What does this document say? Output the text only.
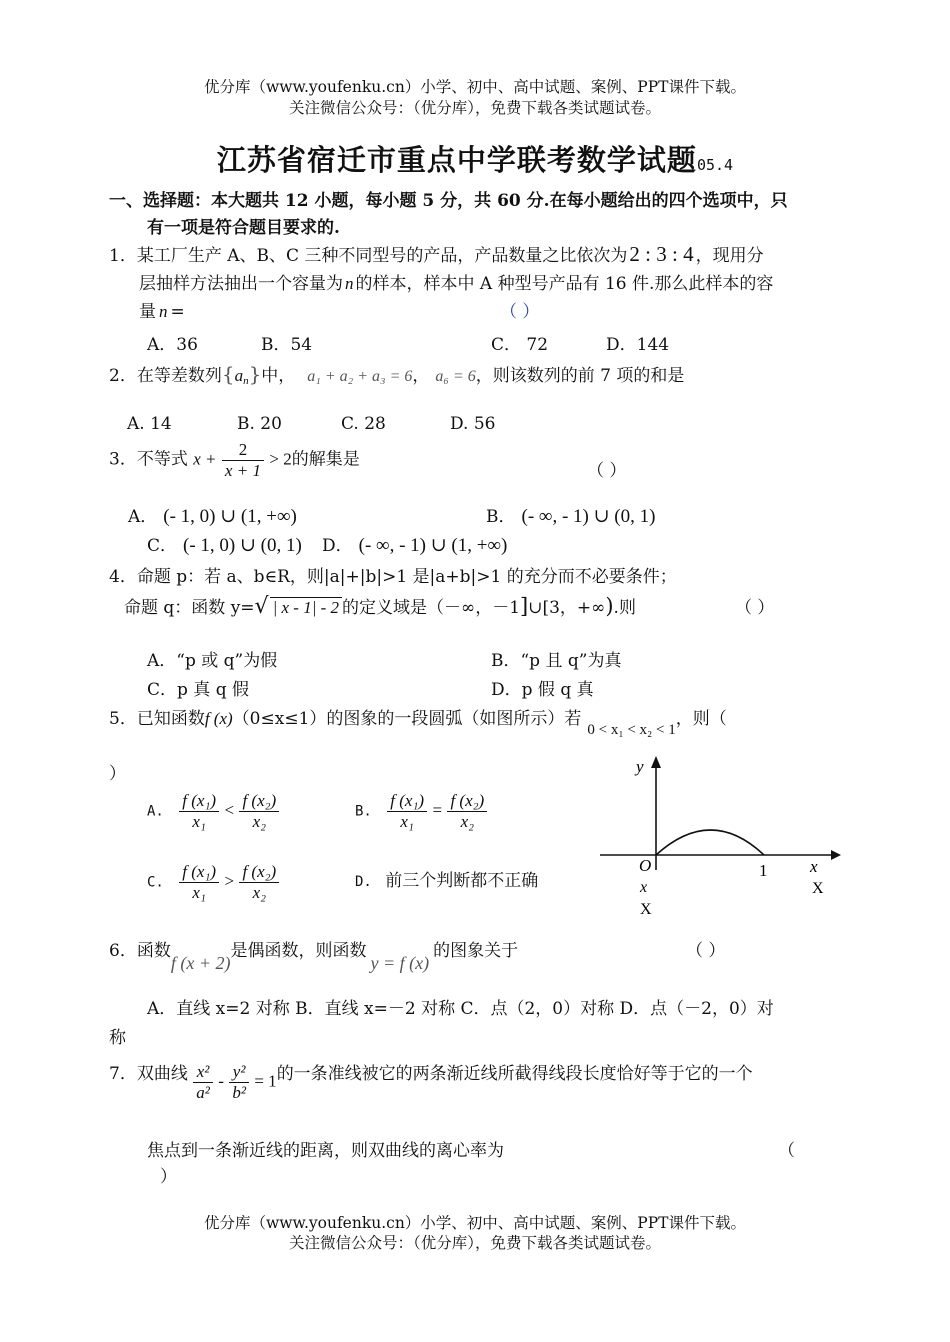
优分库（www.youfenku.cn）小学、初中、高中试题、案例、PPT课件下载。
关注微信公众号：（优分库），免费下载各类试题试卷。
江苏省宿迁市重点中学联考数学试题05.4
一、选择题：本大题共 12 小题，每小题 5 分，共 60 分.在每小题给出的四个选项中，只
有一项是符合题目要求的.
1．某工厂生产 A、B、C 三种不同型号的产品，产品数量之比依次为2 : 3 : 4 ，现用分
层抽样方法抽出一个容量为 n 的样本，样本中 A 种型号产品有 16 件.那么此样本的容
量 n =	（ ）
A．36	B．54	C． 72	D．144
2．在等差数列$\{a_n\}$中， a₁ + a₂ + a₃ = 6， a₆ = 6，则该数列的前 7 项的和是
A. 14	B. 20	C. 28	D. 56
3．不等式 $x + \frac{2}{x + 1} > 2$的解集是
（ ）
A． (- 1, 0) ∪ (1, +∞)	B． (- ∞, - 1) ∪ (0, 1)
C． (- 1, 0) ∪ (0, 1) D． (- ∞, - 1) ∪ (1, +∞)
4．命题 p：若 a、b∈R，则|a|+|b|>1 是|a+b|>1 的充分而不必要条件；
命题 q：函数 y=√ | x - 1| - 2 的定义域是（－∞，－1]∪[3，+∞).则	（ ）
A．“p 或 q”为假	B．“p 且 q”为真
C．p 真 q 假	D．p 假 q 真
5．已知函数f (x)（0≤x≤1）的图象的一段圆弧（如图所示）若0 < x₁ < x₂ < 1，则（
）
A. $\frac{\text{f (x₁)}}{\text{x₁}} < \frac{\text{f (x₂)}}{\text{x₂}}$	B. $\frac{\text{f (x₁)}}{\text{x₁}} = \frac{\text{f (x₂)}}{\text{x₂}}$
C. $\frac{\text{f (x₁)}}{\text{x₁}} > \frac{\text{f (x₂)}}{\text{x₂}}$	D. 前三个判断都不正确
y
x
O	1
x	X
X
6．函数f (x + 2)是偶函数，则函数y = f (x)的图象关于	（ ）
A．直线 x=2 对称 B．直线 x=－2 对称 C．点（2，0）对称 D．点（－2，0）对
称
7．双曲线 $\frac{\text{x²}}{\text{a²}} - \frac{\text{y²}}{\text{b²}} = 1$的一条准线被它的两条渐近线所截得线段长度恰好等于它的一个
焦点到一条渐近线的距离，则双曲线的离心率为	（
）
优分库（www.youfenku.cn）小学、初中、高中试题、案例、PPT课件下载。
关注微信公众号：（优分库），免费下载各类试题试卷。
